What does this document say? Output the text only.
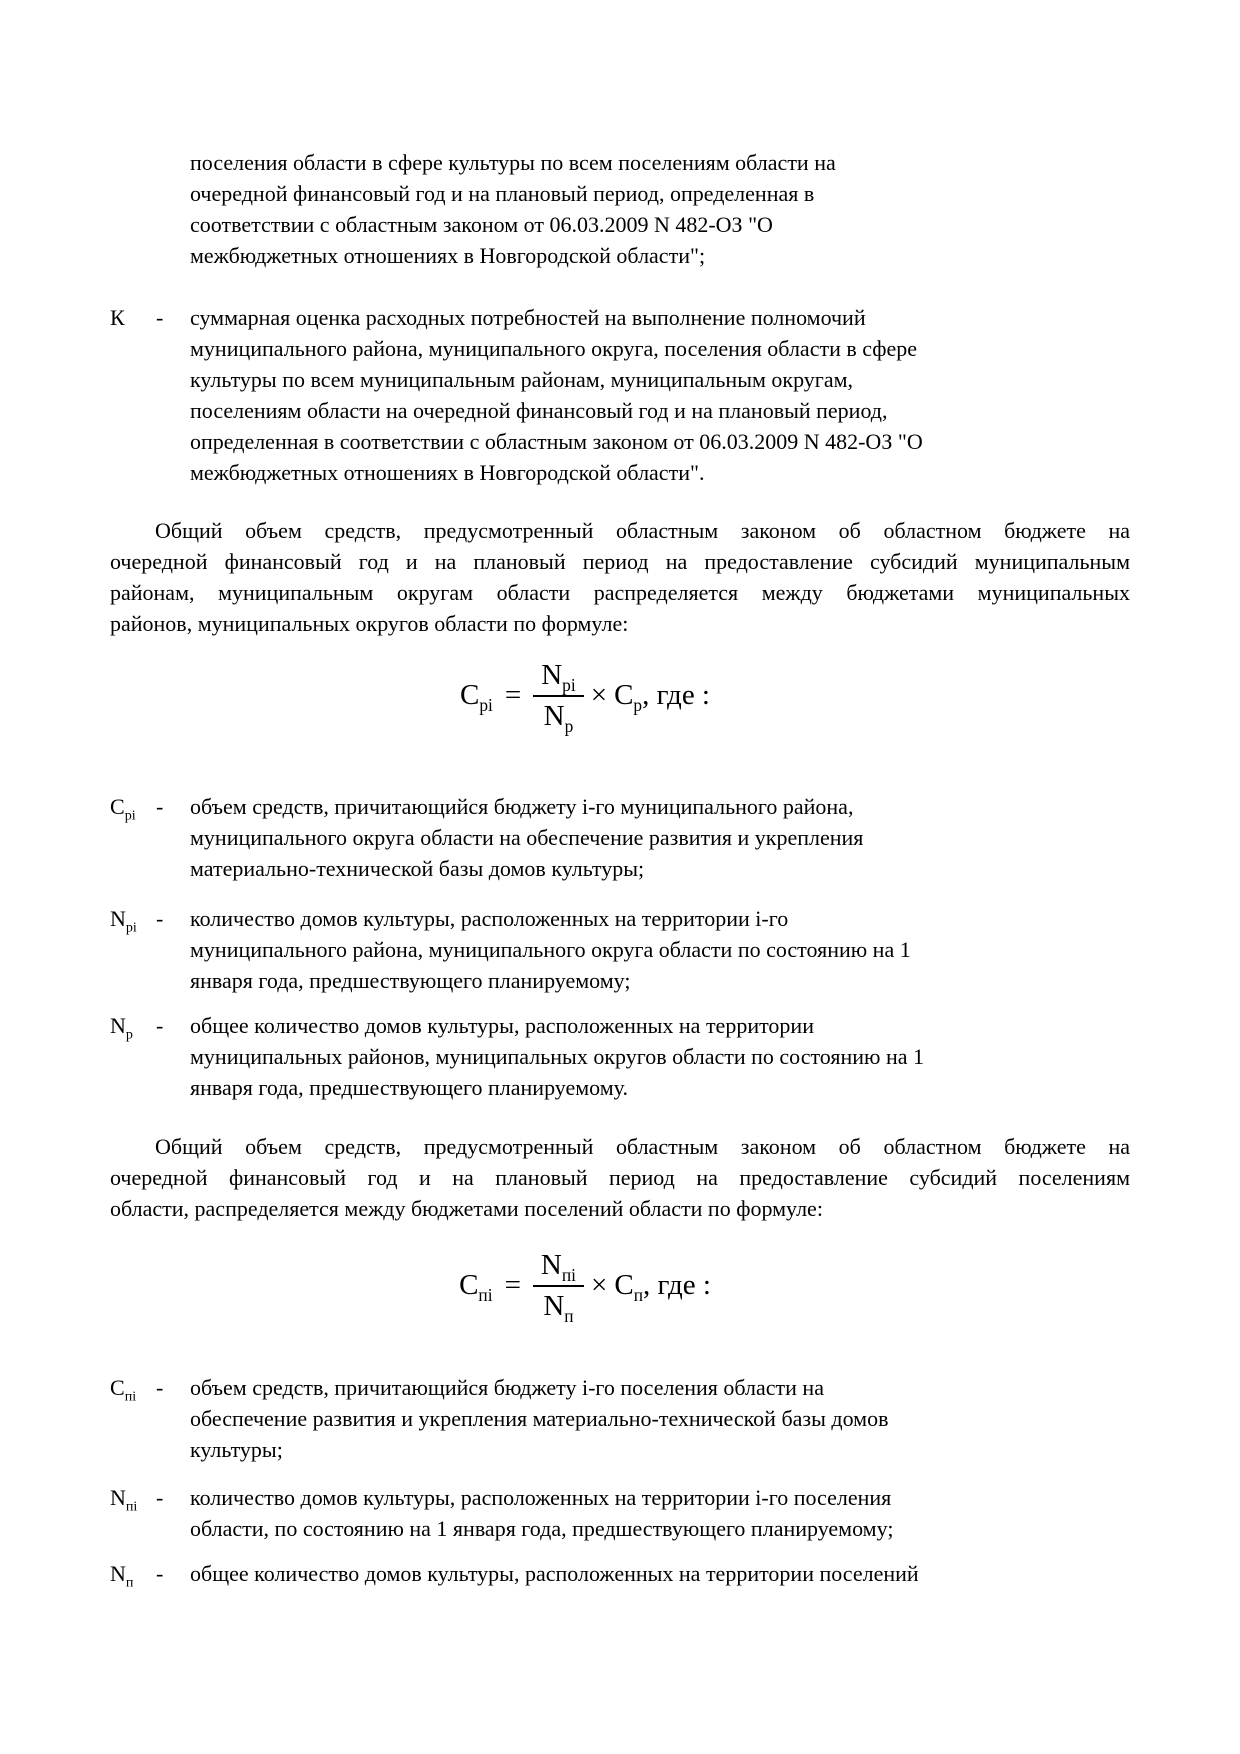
поселения области в сфере культуры по всем поселениям области на
очередной финансовый год и на плановый период, определенная в
соответствии с областным законом от 06.03.2009 N 482-ОЗ "О
межбюджетных отношениях в Новгородской области";
К - суммарная оценка расходных потребностей на выполнение полномочий
муниципального района, муниципального округа, поселения области в сфере
культуры по всем муниципальным районам, муниципальным округам,
поселениям области на очередной финансовый год и на плановый период,
определенная в соответствии с областным законом от 06.03.2009 N 482-ОЗ "О
межбюджетных отношениях в Новгородской области".
Общий объем средств, предусмотренный областным законом об областном бюджете на
очередной финансовый год и на плановый период на предоставление субсидий муниципальным
районам, муниципальным округам области распределяется между бюджетами муниципальных
районов, муниципальных округов области по формуле:
$C_{рi} = \frac{N_{рi}}{N_р} \times C_р$ , где :
$C_{рi}$ - объем средств, причитающийся бюджету i-го муниципального района,
муниципального округа области на обеспечение развития и укрепления
материально-технической базы домов культуры;
$N_{рi}$ - количество домов культуры, расположенных на территории i-го
муниципального района, муниципального округа области по состоянию на 1
января года, предшествующего планируемому;
$N_р$ - общее количество домов культуры, расположенных на территории
муниципальных районов, муниципальных округов области по состоянию на 1
января года, предшествующего планируемому.
Общий объем средств, предусмотренный областным законом об областном бюджете на
очередной финансовый год и на плановый период на предоставление субсидий поселениям
области, распределяется между бюджетами поселений области по формуле:
$C_{пi} = \frac{N_{пi}}{N_п} \times C_п$ , где :
$C_{пi}$ - объем средств, причитающийся бюджету i-го поселения области на
обеспечение развития и укрепления материально-технической базы домов
культуры;
$N_{пi}$ - количество домов культуры, расположенных на территории i-го поселения
области, по состоянию на 1 января года, предшествующего планируемому;
$N_п$ - общее количество домов культуры, расположенных на территории поселений
